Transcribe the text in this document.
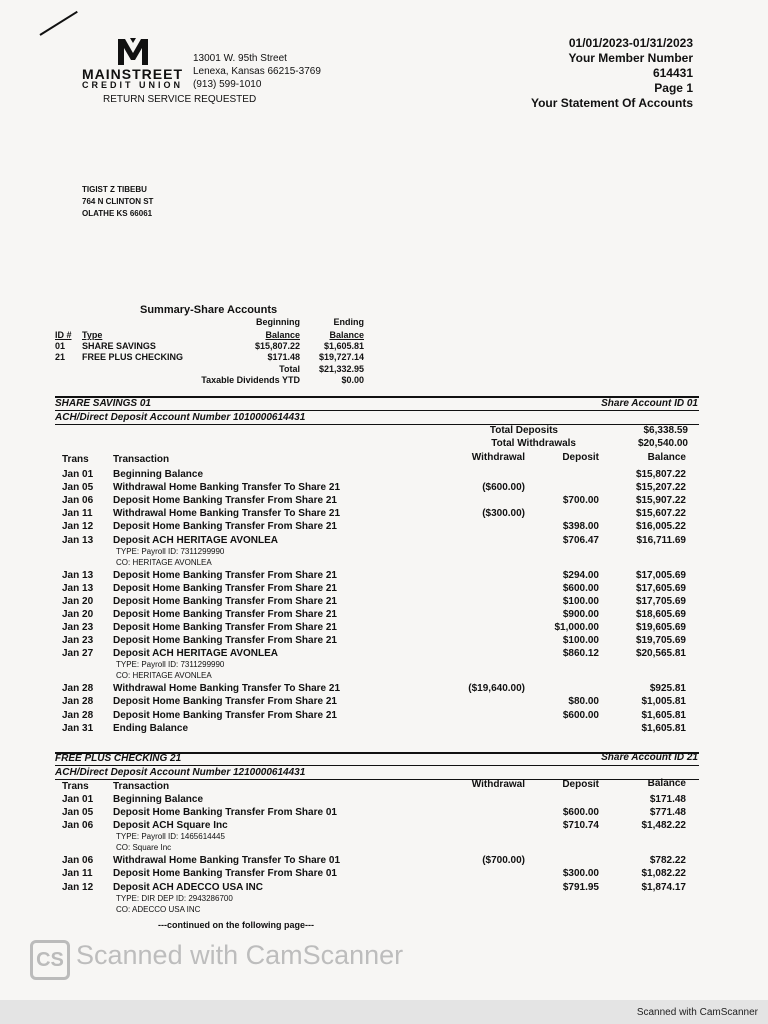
MAINSTREET
CREDIT UNION
13001 W. 95th Street
Lenexa, Kansas 66215-3769
(913) 599-1010
RETURN SERVICE REQUESTED
01/01/2023-01/31/2023
Your Member Number
614431
Page 1
Your Statement Of Accounts
TIGIST Z TIBEBU
764 N CLINTON ST
OLATHE KS 66061
Summary-Share Accounts
Beginning	Ending
ID # Type	Balance	Balance
01 SHARE SAVINGS	$15,807.22	$1,605.81
21 FREE PLUS CHECKING	$171.48 $19,727.14
Total $21,332.95
Taxable Dividends YTD	$0.00
SHARE SAVINGS 01	Share Account ID 01
ACH/Direct Deposit Account Number 1010000614431
Total Deposits	$6,338.59
Total Withdrawals	$20,540.00
Trans Transaction	Withdrawal	Deposit	Balance
Jan 01 Beginning Balance	$15,807.22
Jan 05 Withdrawal Home Banking Transfer To Share 21	($600.00)	$15,207.22
Jan 06 Deposit Home Banking Transfer From Share 21	$700.00	$15,907.22
Jan 11 Withdrawal Home Banking Transfer To Share 21	($300.00)	$15,607.22
Jan 12 Deposit Home Banking Transfer From Share 21	$398.00	$16,005.22
Jan 13 Deposit ACH HERITAGE AVONLEA	$706.47	$16,711.69
TYPE: Payroll ID: 7311299990
CO: HERITAGE AVONLEA
Jan 13 Deposit Home Banking Transfer From Share 21	$294.00	$17,005.69
Jan 13 Deposit Home Banking Transfer From Share 21	$600.00	$17,605.69
Jan 20 Deposit Home Banking Transfer From Share 21	$100.00	$17,705.69
Jan 20 Deposit Home Banking Transfer From Share 21	$900.00	$18,605.69
Jan 23 Deposit Home Banking Transfer From Share 21	$1,000.00	$19,605.69
Jan 23 Deposit Home Banking Transfer From Share 21	$100.00	$19,705.69
Jan 27 Deposit ACH HERITAGE AVONLEA	$860.12	$20,565.81
TYPE: Payroll ID: 7311299990
CO: HERITAGE AVONLEA
Jan 28 Withdrawal Home Banking Transfer To Share 21	($19,640.00)	$925.81
Jan 28 Deposit Home Banking Transfer From Share 21	$80.00	$1,005.81
Jan 28 Deposit Home Banking Transfer From Share 21	$600.00	$1,605.81
Jan 31 Ending Balance	$1,605.81
FREE PLUS CHECKING 21	Share Account ID 21
ACH/Direct Deposit Account Number 1210000614431
Trans Transaction	Withdrawal	Deposit	Balance
Jan 01 Beginning Balance	$171.48
Jan 05 Deposit Home Banking Transfer From Share 01	$600.00	$771.48
Jan 06 Deposit ACH Square Inc	$710.74	$1,482.22
TYPE: Payroll ID: 1465614445
CO: Square Inc
Jan 06 Withdrawal Home Banking Transfer To Share 01	($700.00)	$782.22
Jan 11 Deposit Home Banking Transfer From Share 01	$300.00	$1,082.22
Jan 12 Deposit ACH ADECCO USA INC	$791.95	$1,874.17
TYPE: DIR DEP ID: 2943286700
CO: ADECCO USA INC
---continued on the following page---
CS Scanned with CamScanner
Scanned with CamScanner
